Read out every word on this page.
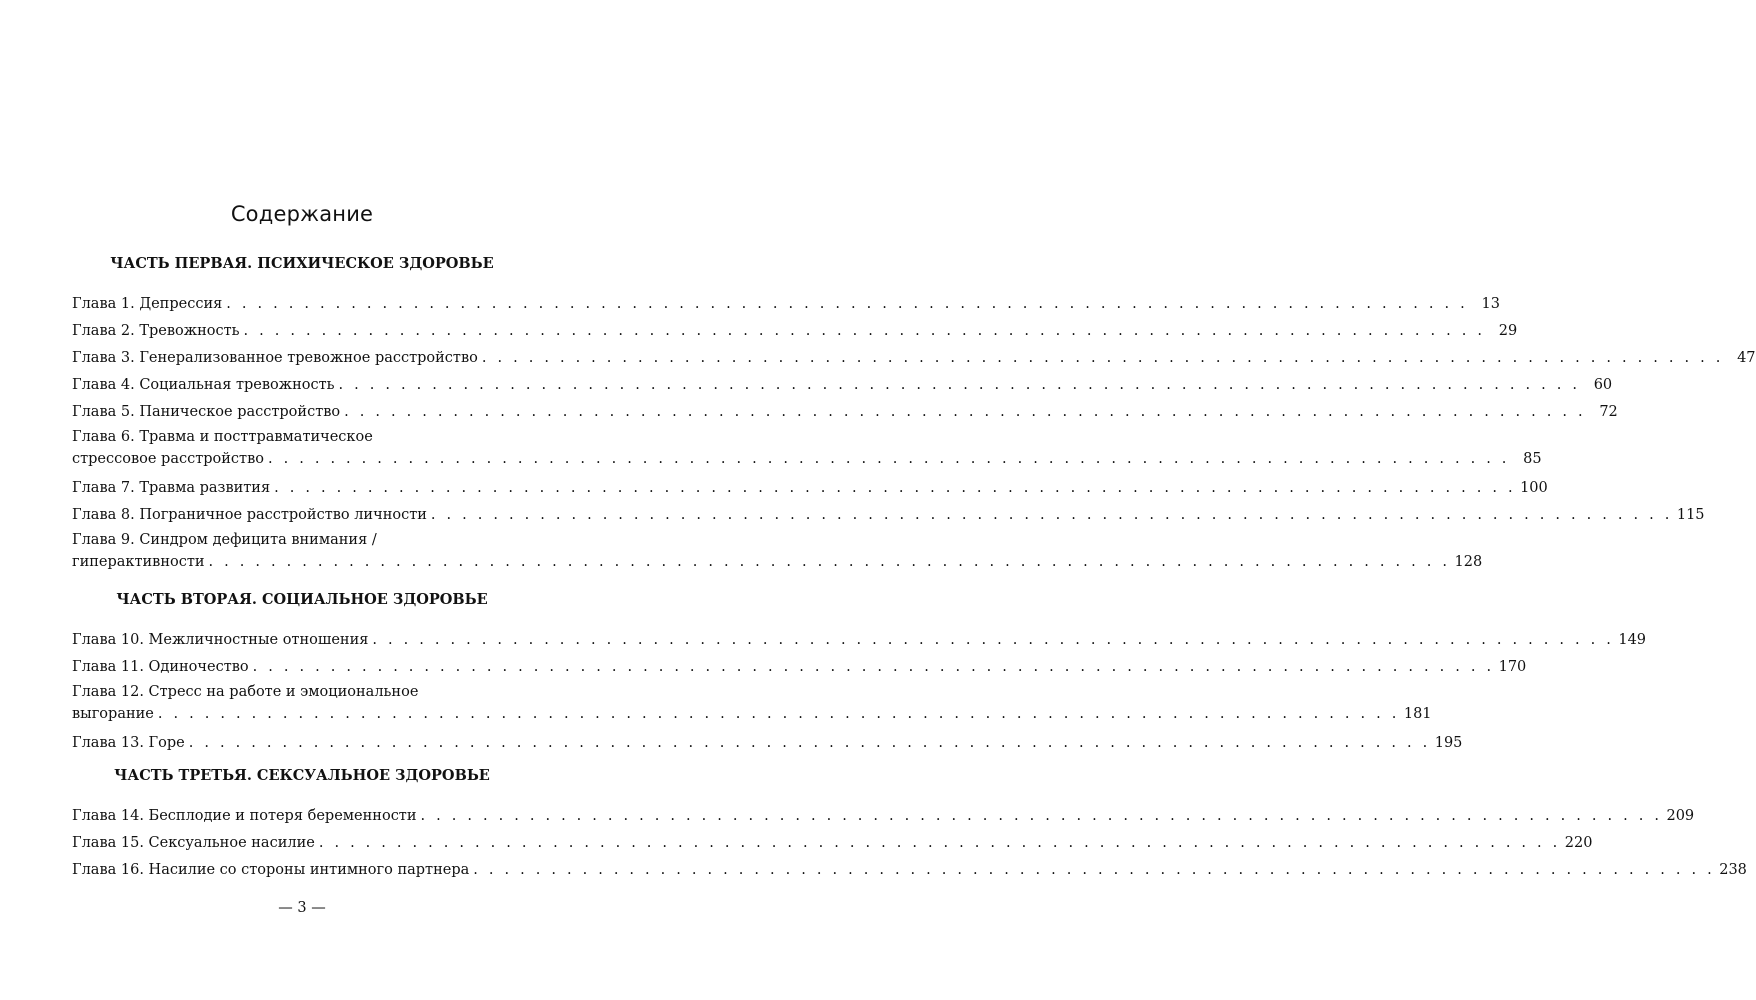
Содержание
ЧАСТЬ ПЕРВАЯ. ПСИХИЧЕСКОЕ ЗДОРОВЬЕ
Глава 1. Депрессия . . . . . . . . . . . . . . . . . . . . . . . . . . . . . . . . . . . . . . . . . . . . . . . . . . . . . . . . . . . . . . . . . . . . . . . . . . . . . . . . 13
Глава 2. Тревожность . . . . . . . . . . . . . . . . . . . . . . . . . . . . . . . . . . . . . . . . . . . . . . . . . . . . . . . . . . . . . . . . . . . . . . . . . . . . . . . . 29
Глава 3. Генерализованное тревожное расстройство . . . . . . . . . . . . . . . . . . . . . . . . . . . . . . . . . . . . . . . . . . . . . . . . . . . . . . . . . . . . . . . . . . . . . . . . . . . . . . . . 47
Глава 4. Социальная тревожность . . . . . . . . . . . . . . . . . . . . . . . . . . . . . . . . . . . . . . . . . . . . . . . . . . . . . . . . . . . . . . . . . . . . . . . . . . . . . . . . 60
Глава 5. Паническое расстройство . . . . . . . . . . . . . . . . . . . . . . . . . . . . . . . . . . . . . . . . . . . . . . . . . . . . . . . . . . . . . . . . . . . . . . . . . . . . . . . . 72
Глава 6. Травма и посттравматическое
стрессовое расстройство . . . . . . . . . . . . . . . . . . . . . . . . . . . . . . . . . . . . . . . . . . . . . . . . . . . . . . . . . . . . . . . . . . . . . . . . . . . . . . . . 85
Глава 7. Травма развития . . . . . . . . . . . . . . . . . . . . . . . . . . . . . . . . . . . . . . . . . . . . . . . . . . . . . . . . . . . . . . . . . . . . . . . . . . . . . . . . 100
Глава 8. Пограничное расстройство личности . . . . . . . . . . . . . . . . . . . . . . . . . . . . . . . . . . . . . . . . . . . . . . . . . . . . . . . . . . . . . . . . . . . . . . . . . . . . . . . . 115
Глава 9. Синдром дефицита внимания /
гиперактивности . . . . . . . . . . . . . . . . . . . . . . . . . . . . . . . . . . . . . . . . . . . . . . . . . . . . . . . . . . . . . . . . . . . . . . . . . . . . . . . . 128
ЧАСТЬ ВТОРАЯ. СОЦИАЛЬНОЕ ЗДОРОВЬЕ
Глава 10. Межличностные отношения . . . . . . . . . . . . . . . . . . . . . . . . . . . . . . . . . . . . . . . . . . . . . . . . . . . . . . . . . . . . . . . . . . . . . . . . . . . . . . . . 149
Глава 11. Одиночество . . . . . . . . . . . . . . . . . . . . . . . . . . . . . . . . . . . . . . . . . . . . . . . . . . . . . . . . . . . . . . . . . . . . . . . . . . . . . . . . 170
Глава 12. Стресс на работе и эмоциональное
выгорание . . . . . . . . . . . . . . . . . . . . . . . . . . . . . . . . . . . . . . . . . . . . . . . . . . . . . . . . . . . . . . . . . . . . . . . . . . . . . . . . 181
Глава 13. Горе . . . . . . . . . . . . . . . . . . . . . . . . . . . . . . . . . . . . . . . . . . . . . . . . . . . . . . . . . . . . . . . . . . . . . . . . . . . . . . . . 195
ЧАСТЬ ТРЕТЬЯ. СЕКСУАЛЬНОЕ ЗДОРОВЬЕ
Глава 14. Бесплодие и потеря беременности . . . . . . . . . . . . . . . . . . . . . . . . . . . . . . . . . . . . . . . . . . . . . . . . . . . . . . . . . . . . . . . . . . . . . . . . . . . . . . . . 209
Глава 15. Сексуальное насилие . . . . . . . . . . . . . . . . . . . . . . . . . . . . . . . . . . . . . . . . . . . . . . . . . . . . . . . . . . . . . . . . . . . . . . . . . . . . . . . . 220
Глава 16. Насилие со стороны интимного партнера . . . . . . . . . . . . . . . . . . . . . . . . . . . . . . . . . . . . . . . . . . . . . . . . . . . . . . . . . . . . . . . . . . . . . . . . . . . . . . . . 238
— 3 —
